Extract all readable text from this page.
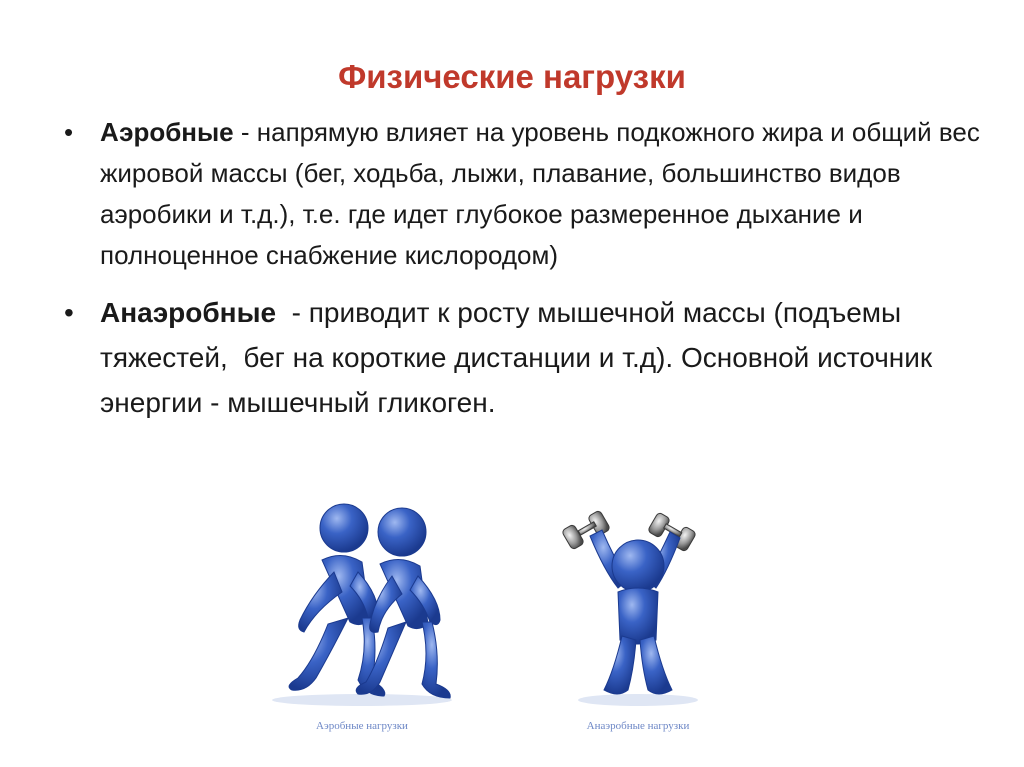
Физические нагрузки
• Аэробные - напрямую влияет на уровень подкожного жира и общий вес жировой массы (бег, ходьба, лыжи, плавание, большинство видов аэробики и т.д.), т.е. где идет глубокое размеренное дыхание и полноценное снабжение кислородом)
• Анаэробные  - приводит к росту мышечной массы (подъемы тяжестей,  бег на короткие дистанции и т.д). Основной источник энергии - мышечный гликоген.
Аэробные нагрузки	Анаэробные нагрузки
